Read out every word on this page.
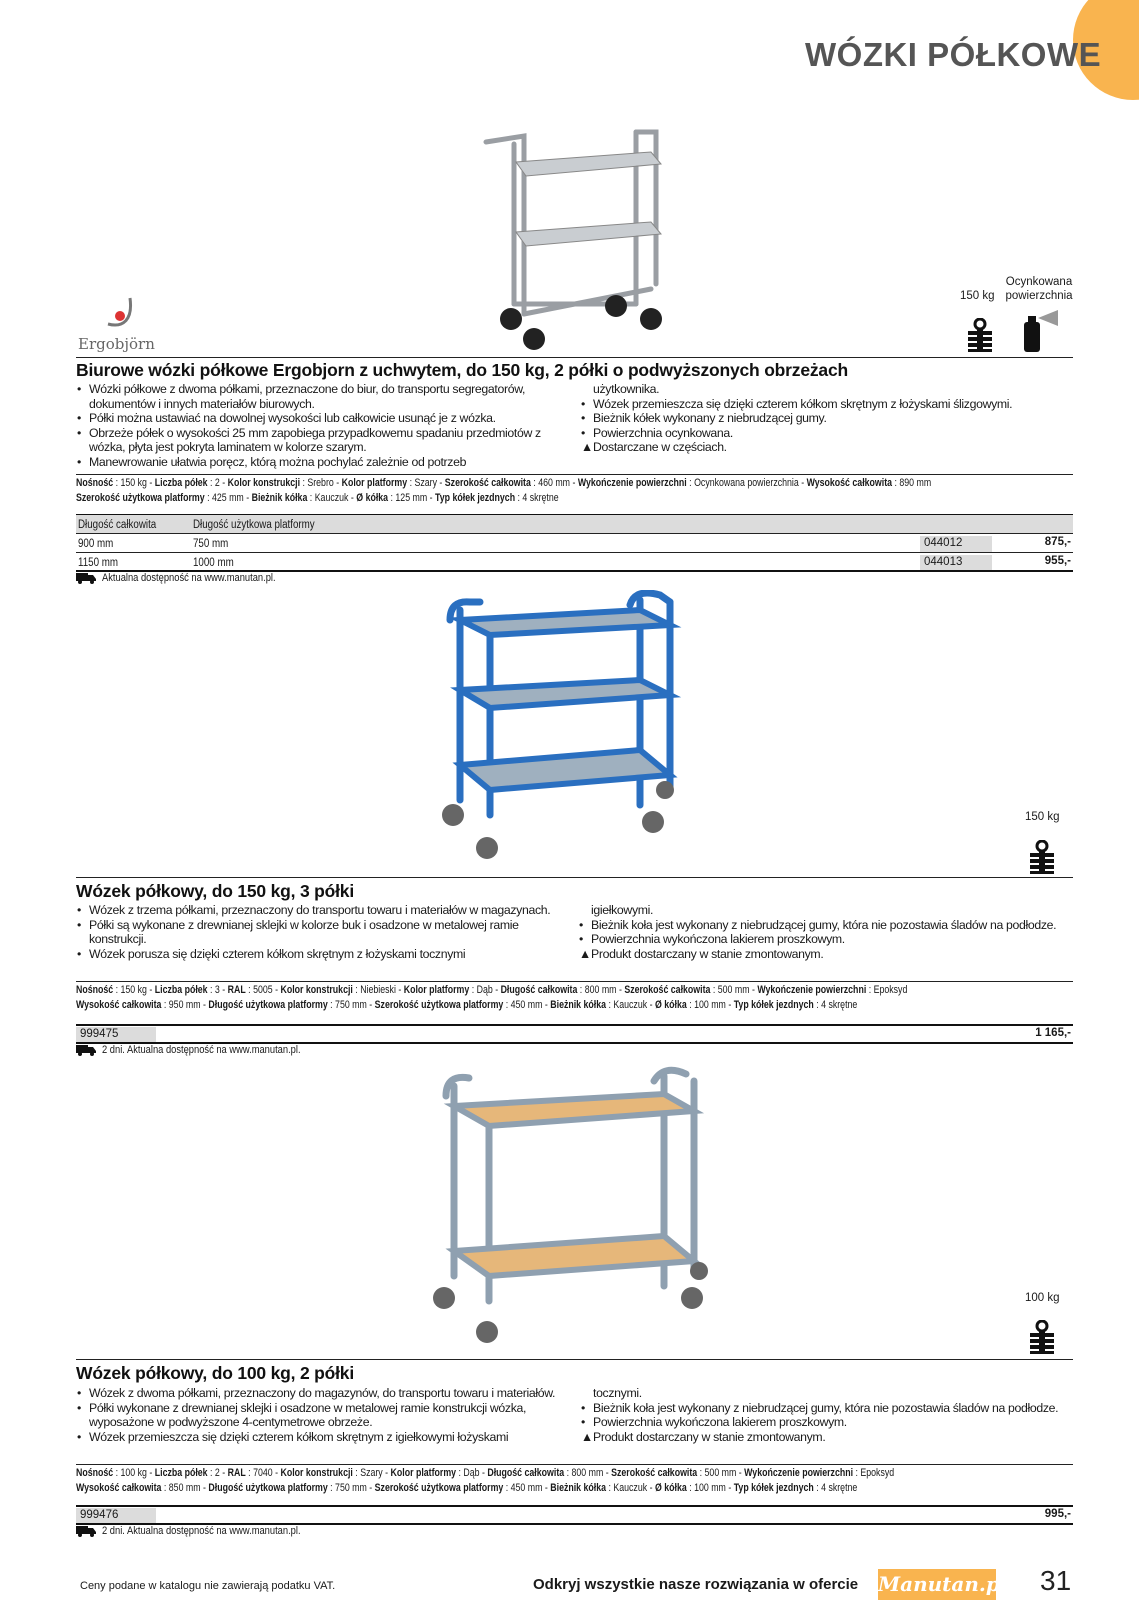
WÓZKI PÓŁKOWE
Ergobjörn
150 kg
Ocynkowana powierzchnia
Biurowe wózki półkowe Ergobjorn z uchwytem, do 150 kg, 2 półki o podwyższonych obrzeżach
• Wózki półkowe z dwoma półkami, przeznaczone do biur, do transportu segregatorów, dokumentów i innych materiałów biurowych.
• Półki można ustawiać na dowolnej wysokości lub całkowicie usunąć je z wózka.
• Obrzeże półek o wysokości 25 mm zapobiega przypadkowemu spadaniu przedmiotów z wózka, płyta jest pokryta laminatem w kolorze szarym.
• Manewrowanie ułatwia poręcz, którą można pochylać zależnie od potrzeb
użytkownika.
• Wózek przemieszcza się dzięki czterem kółkom skrętnym z łożyskami ślizgowymi.
• Bieżnik kółek wykonany z niebrudzącej gumy.
• Powierzchnia ocynkowana.
▲Dostarczane w częściach.
Nośność : 150 kg - Liczba półek : 2 - Kolor konstrukcji : Srebro - Kolor platformy : Szary - Szerokość całkowita : 460 mm - Wykończenie powierzchni : Ocynkowana powierzchnia - Wysokość całkowita : 890 mm
Szerokość użytkowa platformy : 425 mm - Bieżnik kółka : Kauczuk - Ø kółka : 125 mm - Typ kółek jezdnych : 4 skrętne
Długość całkowita	Długość użytkowa platformy
900 mm	750 mm	044012	875,-
1150 mm	1000 mm	044013	955,-
Aktualna dostępność na www.manutan.pl.
150 kg
Wózek półkowy, do 150 kg, 3 półki
• Wózek z trzema półkami, przeznaczony do transportu towaru i materiałów w magazynach.
• Półki są wykonane z drewnianej sklejki w kolorze buk i osadzone w metalowej ramie konstrukcji.
• Wózek porusza się dzięki czterem kółkom skrętnym z łożyskami tocznymi
igiełkowymi.
• Bieżnik koła jest wykonany z niebrudzącej gumy, która nie pozostawia śladów na podłodze.
• Powierzchnia wykończona lakierem proszkowym.
▲Produkt dostarczany w stanie zmontowanym.
Nośność : 150 kg - Liczba półek : 3 - RAL : 5005 - Kolor konstrukcji : Niebieski - Kolor platformy : Dąb - Długość całkowita : 800 mm - Szerokość całkowita : 500 mm - Wykończenie powierzchni : Epoksyd
Wysokość całkowita : 950 mm - Długość użytkowa platformy : 750 mm - Szerokość użytkowa platformy : 450 mm - Bieżnik kółka : Kauczuk - Ø kółka : 100 mm - Typ kółek jezdnych : 4 skrętne
999475	1 165,-
2 dni. Aktualna dostępność na www.manutan.pl.
100 kg
Wózek półkowy, do 100 kg, 2 półki
• Wózek z dwoma półkami, przeznaczony do magazynów, do transportu towaru i materiałów.
• Półki wykonane z drewnianej sklejki i osadzone w metalowej ramie konstrukcji wózka, wyposażone w podwyższone 4-centymetrowe obrzeże.
• Wózek przemieszcza się dzięki czterem kółkom skrętnym z igiełkowymi łożyskami
tocznymi.
• Bieżnik koła jest wykonany z niebrudzącej gumy, która nie pozostawia śladów na podłodze.
• Powierzchnia wykończona lakierem proszkowym.
▲Produkt dostarczany w stanie zmontowanym.
Nośność : 100 kg - Liczba półek : 2 - RAL : 7040 - Kolor konstrukcji : Szary - Kolor platformy : Dąb - Długość całkowita : 800 mm - Szerokość całkowita : 500 mm - Wykończenie powierzchni : Epoksyd
Wysokość całkowita : 850 mm - Długość użytkowa platformy : 750 mm - Szerokość użytkowa platformy : 450 mm - Bieżnik kółka : Kauczuk - Ø kółka : 100 mm - Typ kółek jezdnych : 4 skrętne
999476	995,-
2 dni. Aktualna dostępność na www.manutan.pl.
Ceny podane w katalogu nie zawierają podatku VAT.	Odkryj wszystkie nasze rozwiązania w ofercie Manutan.pl 31
